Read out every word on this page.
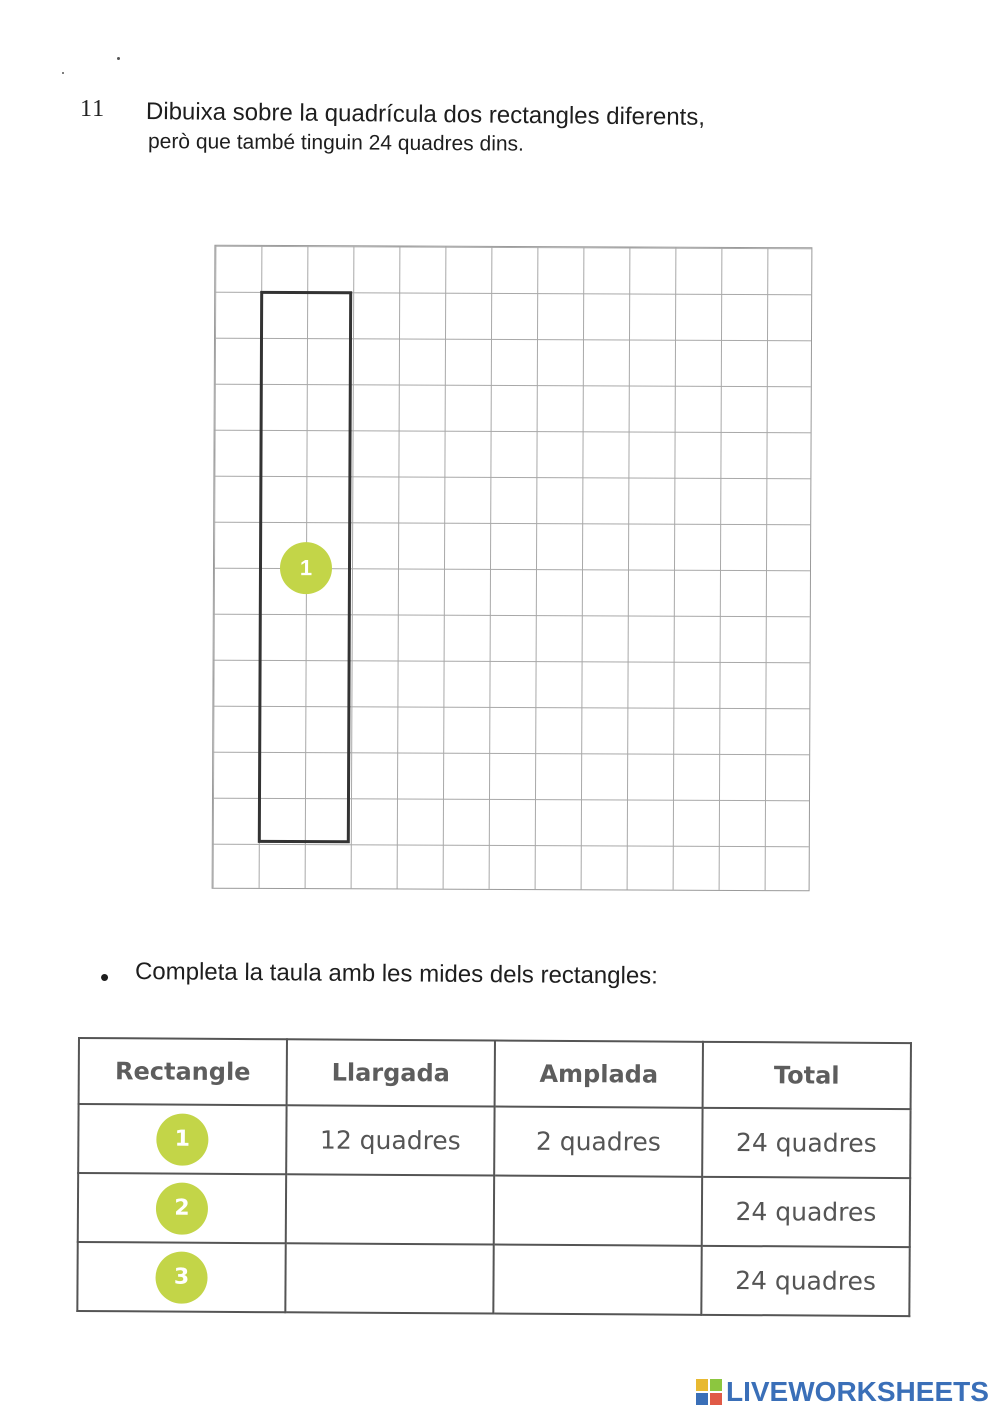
11 Dibuixa sobre la quadrícula dos rectangles diferents,
però que també tinguin 24 quadres dins.
1
• Completa la taula amb les mides dels rectangles:
Rectangle	Llargada	Amplada	Total
1	12 quadres	2 quadres	24 quadres
2			24 quadres
3			24 quadres
LIVEWORKSHEETS
